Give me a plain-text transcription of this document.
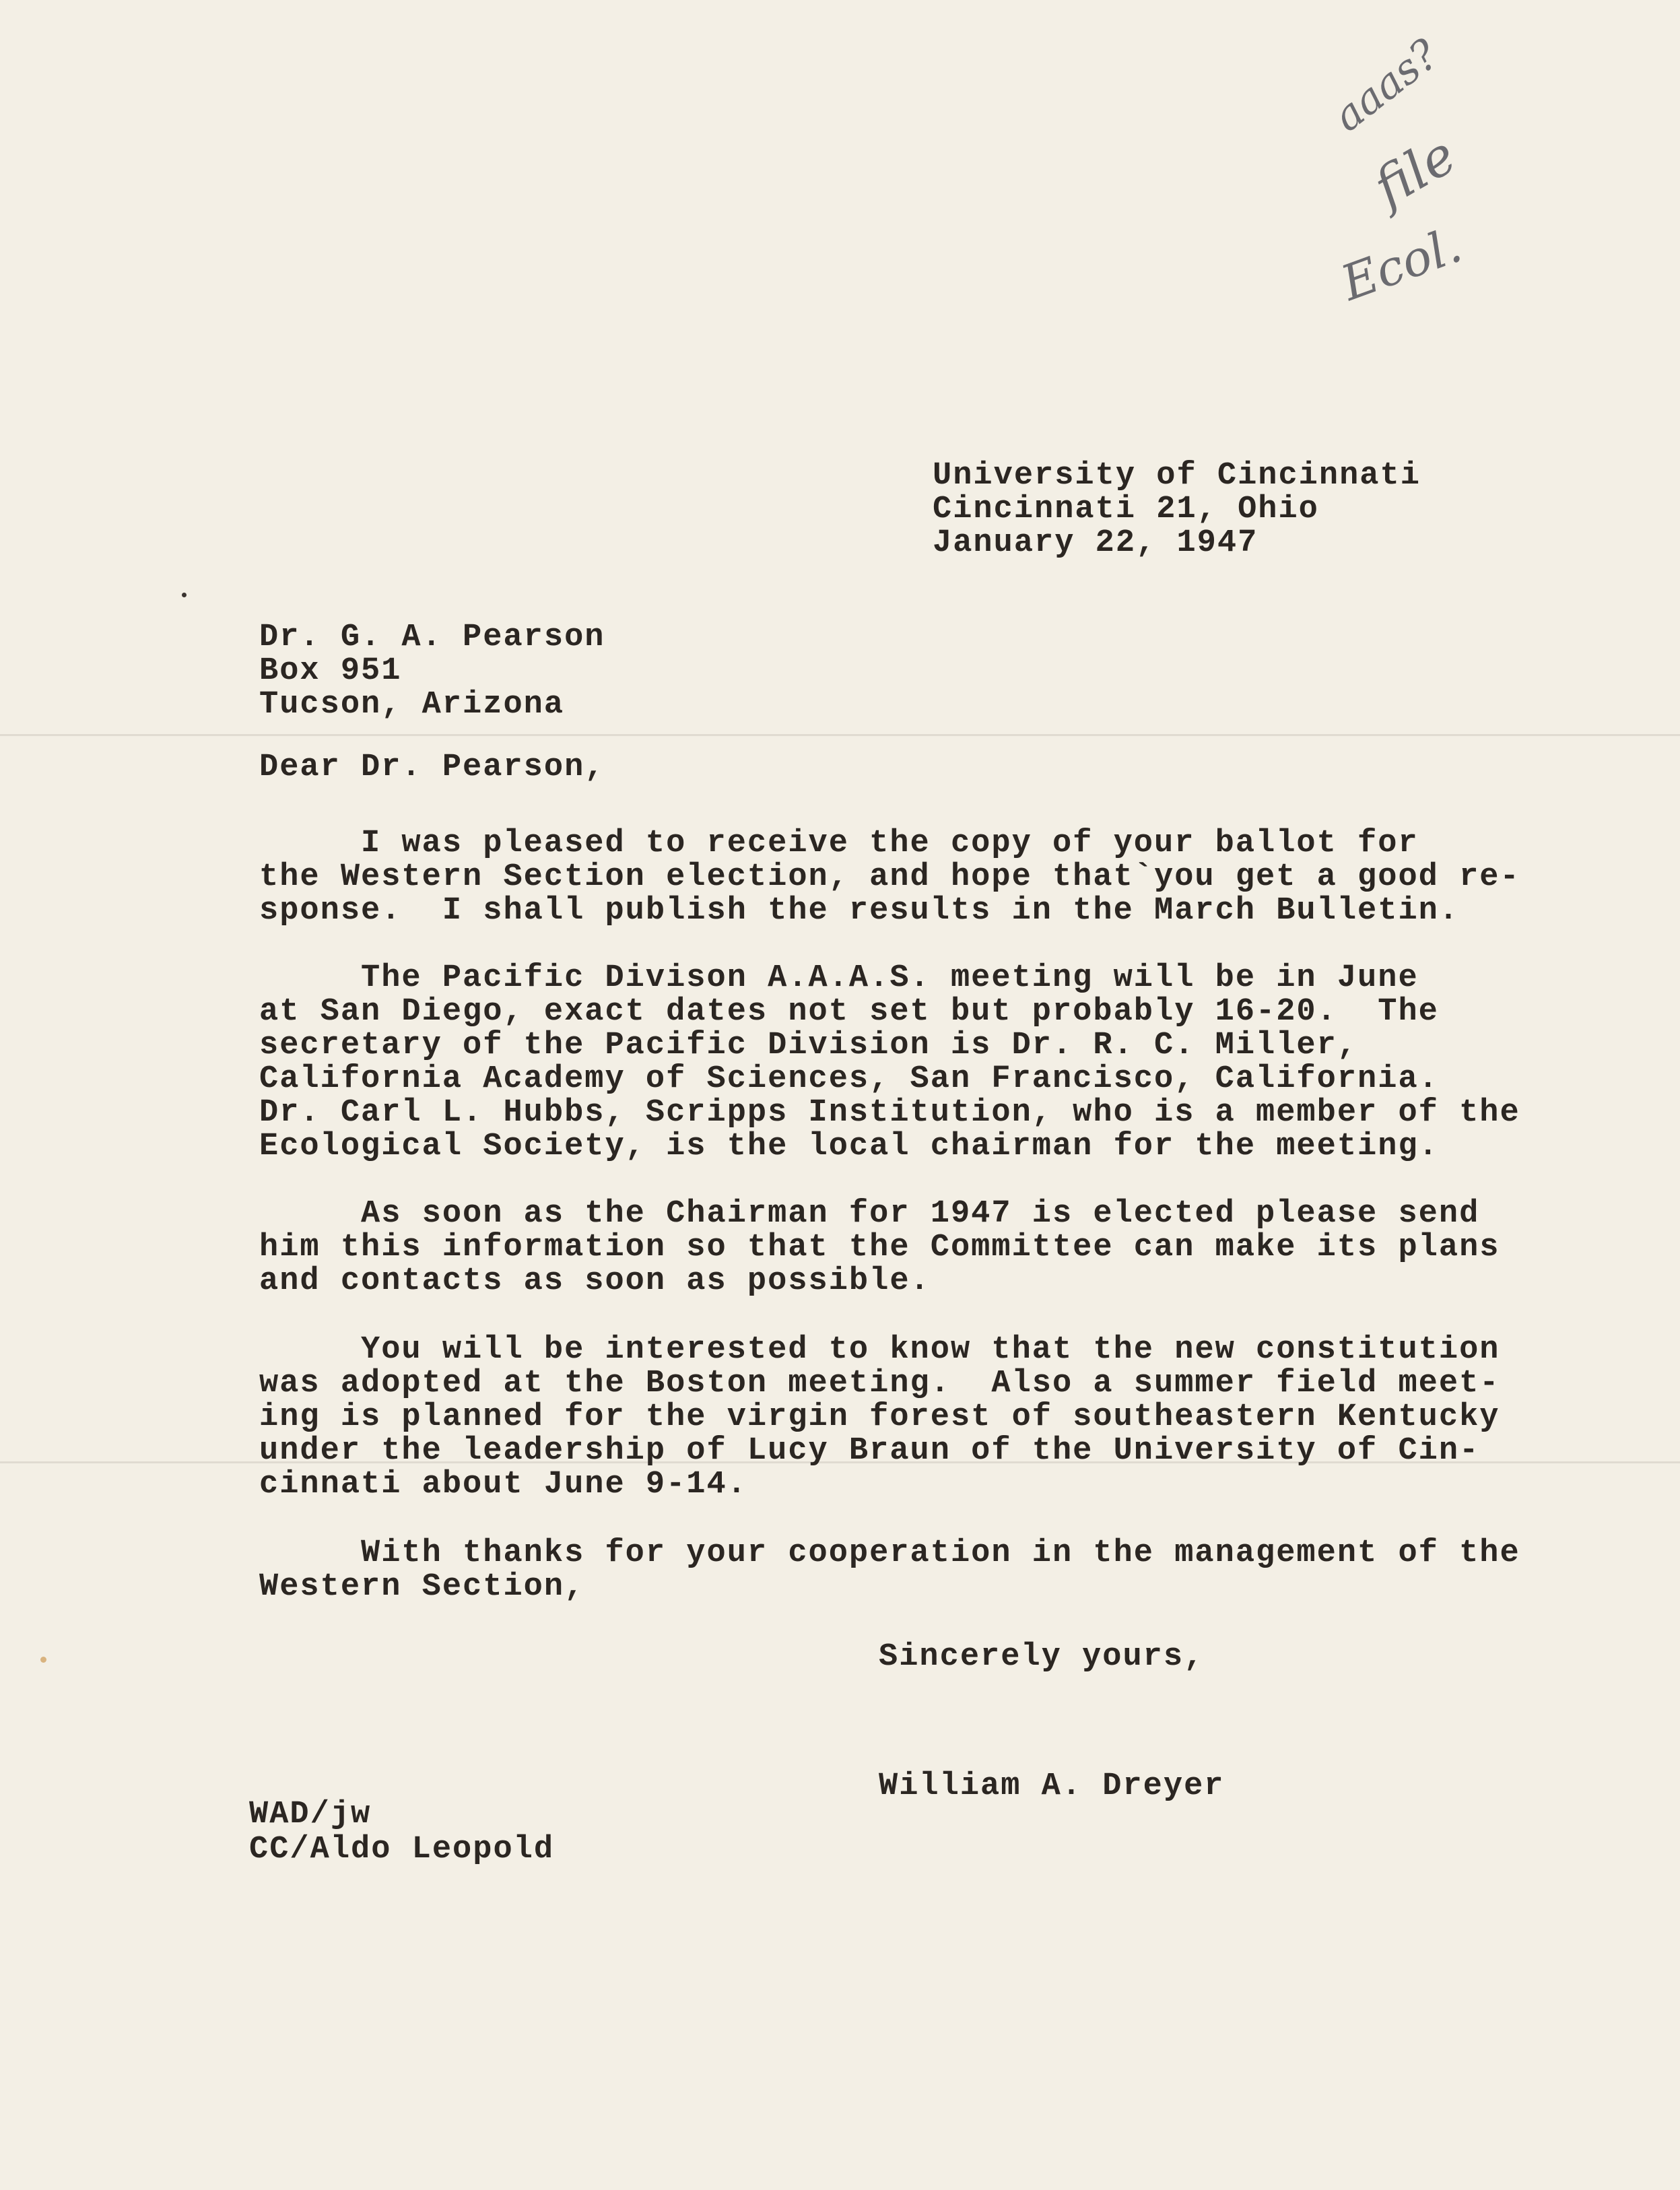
aaas?
file
Ecol.
University of Cincinnati
Cincinnati 21, Ohio
January 22, 1947
Dr. G. A. Pearson
Box 951
Tucson, Arizona
Dear Dr. Pearson,
I was pleased to receive the copy of your ballot for
the Western Section election, and hope that`you get a good re-
sponse.  I shall publish the results in the March Bulletin.
The Pacific Divison A.A.A.S. meeting will be in June
at San Diego, exact dates not set but probably 16-20.  The
secretary of the Pacific Division is Dr. R. C. Miller,
California Academy of Sciences, San Francisco, California.
Dr. Carl L. Hubbs, Scripps Institution, who is a member of the
Ecological Society, is the local chairman for the meeting.
As soon as the Chairman for 1947 is elected please send
him this information so that the Committee can make its plans
and contacts as soon as possible.
You will be interested to know that the new constitution
was adopted at the Boston meeting.  Also a summer field meet-
ing is planned for the virgin forest of southeastern Kentucky
under the leadership of Lucy Braun of the University of Cin-
cinnati about June 9-14.
With thanks for your cooperation in the management of the
Western Section,
Sincerely yours,
William A. Dreyer
WAD/jw
CC/Aldo Leopold
